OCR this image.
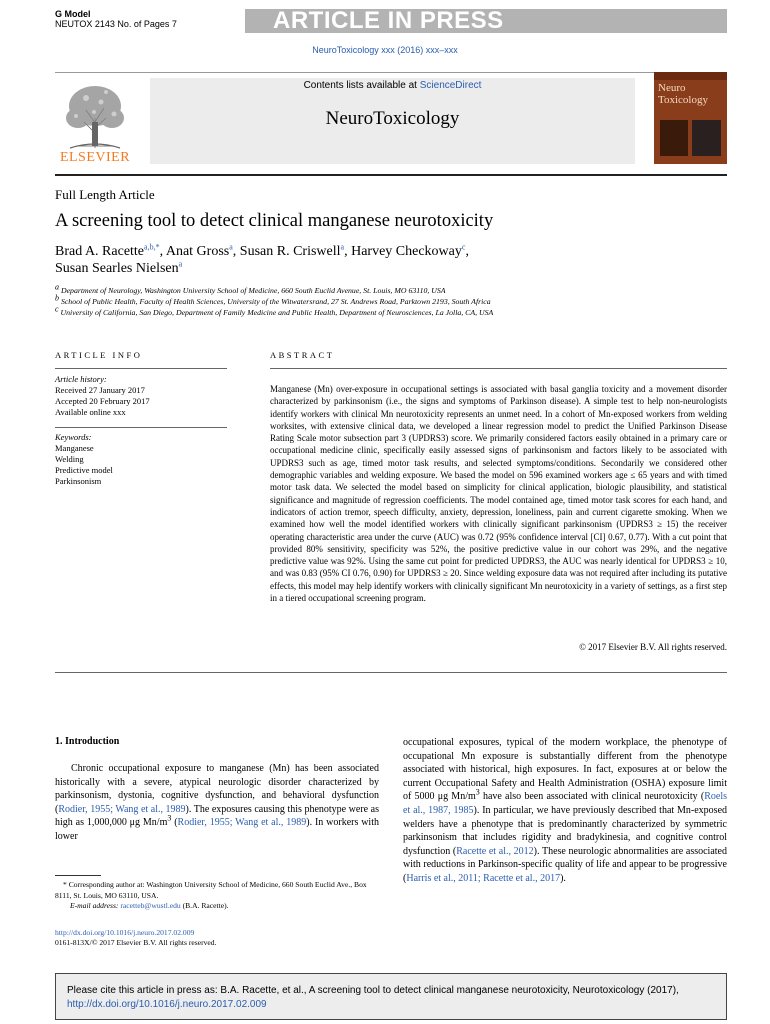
G Model
NEUTOX 2143 No. of Pages 7	ARTICLE IN PRESS
NeuroToxicology xxx (2016) xxx–xxx
Contents lists available at ScienceDirect
NeuroToxicology
ELSEVIER
Neuro Toxicology
Full Length Article
A screening tool to detect clinical manganese neurotoxicity
Brad A. Racette$^{a,b,*}$, Anat Gross$^a$, Susan R. Criswell$^a$, Harvey Checkoway$^c$,
Susan Searles Nielsen$^a$
$^a$ Department of Neurology, Washington University School of Medicine, 660 South Euclid Avenue, St. Louis, MO 63110, USA
$^b$ School of Public Health, Faculty of Health Sciences, University of the Witwatersrand, 27 St. Andrews Road, Parktown 2193, South Africa
$^c$ University of California, San Diego, Department of Family Medicine and Public Health, Department of Neurosciences, La Jolla, CA, USA
ARTICLE INFO
Article history:
Received 27 January 2017
Accepted 20 February 2017
Available online xxx
Keywords:
Manganese
Welding
Predictive model
Parkinsonism
ABSTRACT
Manganese (Mn) over-exposure in occupational settings is associated with basal ganglia toxicity and a movement disorder characterized by parkinsonism (i.e., the signs and symptoms of Parkinson disease). A simple test to help non-neurologists identify workers with clinical Mn neurotoxicity represents an unmet need. In a cohort of Mn-exposed workers from welding worksites, with extensive clinical data, we developed a linear regression model to predict the Unified Parkinson Disease Rating Scale motor subsection part 3 (UPDRS3) score. We primarily considered factors easily obtained in a primary care or occupational medicine clinic, specifically easily assessed signs of parkinsonism and factors likely to be associated with UPDRS3 such as age, timed motor task results, and selected symptoms/conditions. Secondarily we considered other demographic variables and welding exposure. We based the model on 596 examined workers age ≤ 65 years and with timed motor task data. We selected the model based on simplicity for clinical application, biologic plausibility, and statistical significance and magnitude of regression coefficients. The model contained age, timed motor task scores for each hand, and indicators of action tremor, speech difficulty, anxiety, depression, loneliness, pain and current cigarette smoking. When we examined how well the model identified workers with clinically significant parkinsonism (UPDRS3 ≥ 15) the receiver operating characteristic area under the curve (AUC) was 0.72 (95% confidence interval [CI] 0.67, 0.77). With a cut point that provided 80% sensitivity, specificity was 52%, the positive predictive value in our cohort was 29%, and the negative predictive value was 92%. Using the same cut point for predicted UPDRS3, the AUC was nearly identical for UPDRS3 ≥ 10, and was 0.83 (95% CI 0.76, 0.90) for UPDRS3 ≥ 20. Since welding exposure data was not required after including its putative effects, this model may help identify workers with clinically significant Mn neurotoxicity in a variety of settings, as a first step in a tiered occupational screening program.
© 2017 Elsevier B.V. All rights reserved.
1. Introduction
Chronic occupational exposure to manganese (Mn) has been associated historically with a severe, atypical neurologic disorder characterized by parkinsonism, dystonia, cognitive dysfunction, and behavioral dysfunction (Rodier, 1955; Wang et al., 1989). The exposures causing this phenotype were as high as 1,000,000 μg $Mn/m^3$ (Rodier, 1955; Wang et al., 1989). In workers with lower
occupational exposures, typical of the modern workplace, the phenotype of occupational Mn exposure is substantially different from the phenotype associated with historical, high exposures. In fact, exposures at or below the current Occupational Safety and Health Administration (OSHA) exposure limit of 5000 μg $Mn/m^3$ have also been associated with clinical neurotoxicity (Roels et al., 1987, 1985). In particular, we have previously described that Mn-exposed welders have a phenotype that is predominantly characterized by symmetric parkinsonism that includes rigidity and bradykinesia, and cognitive control dysfunction (Racette et al., 2012). These neurologic abnormalities are associated with reductions in Parkinson-specific quality of life and appear to be progressive (Harris et al., 2011; Racette et al., 2017).
* Corresponding author at: Washington University School of Medicine, 660 South Euclid Ave., Box 8111, St. Louis, MO 63110, USA.
E-mail address: racetteb@wustl.edu (B.A. Racette).
http://dx.doi.org/10.1016/j.neuro.2017.02.009
0161-813X/© 2017 Elsevier B.V. All rights reserved.
Please cite this article in press as: B.A. Racette, et al., A screening tool to detect clinical manganese neurotoxicity, Neurotoxicology (2017),
http://dx.doi.org/10.1016/j.neuro.2017.02.009
